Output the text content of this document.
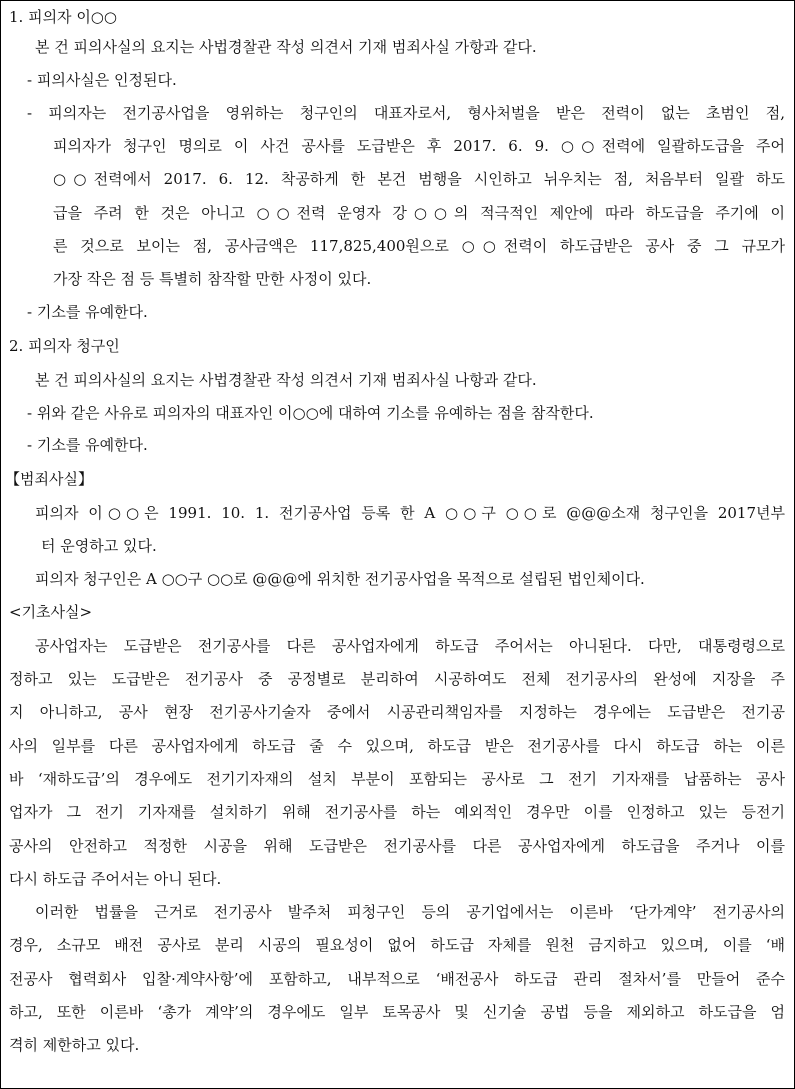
1. 피의자 이○○
본 건 피의사실의 요지는 사법경찰관 작성 의견서 기재 범죄사실 가항과 같다.
- 피의사실은 인정된다.
- 피의자는 전기공사업을 영위하는 청구인의 대표자로서, 형사처벌을 받은 전력이 없는 초범인 점,
피의자가 청구인 명의로 이 사건 공사를 도급받은 후 2017. 6. 9. ○○전력에 일괄하도급을 주어
○○전력에서 2017. 6. 12. 착공하게 한 본건 범행을 시인하고 뉘우치는 점, 처음부터 일괄 하도
급을 주려 한 것은 아니고 ○○전력 운영자 강○○의 적극적인 제안에 따라 하도급을 주기에 이
른 것으로 보이는 점, 공사금액은 117,825,400원으로 ○○전력이 하도급받은 공사 중 그 규모가
가장 작은 점 등 특별히 참작할 만한 사정이 있다.
- 기소를 유예한다.
2. 피의자 청구인
본 건 피의사실의 요지는 사법경찰관 작성 의견서 기재 범죄사실 나항과 같다.
- 위와 같은 사유로 피의자의 대표자인 이○○에 대하여 기소를 유예하는 점을 참작한다.
- 기소를 유예한다.
【범죄사실】
피의자 이○○은 1991. 10. 1. 전기공사업 등록 한 A ○○구 ○○로 @@@소재 청구인을 2017년부
터 운영하고 있다.
피의자 청구인은 A ○○구 ○○로 @@@에 위치한 전기공사업을 목적으로 설립된 법인체이다.
<기초사실>
공사업자는 도급받은 전기공사를 다른 공사업자에게 하도급 주어서는 아니된다. 다만, 대통령령으로
정하고 있는 도급받은 전기공사 중 공정별로 분리하여 시공하여도 전체 전기공사의 완성에 지장을 주
지 아니하고, 공사 현장 전기공사기술자 중에서 시공관리책임자를 지정하는 경우에는 도급받은 전기공
사의 일부를 다른 공사업자에게 하도급 줄 수 있으며, 하도급 받은 전기공사를 다시 하도급 하는 이른
바 ‘재하도급’의 경우에도 전기기자재의 설치 부분이 포함되는 공사로 그 전기 기자재를 납품하는 공사
업자가 그 전기 기자재를 설치하기 위해 전기공사를 하는 예외적인 경우만 이를 인정하고 있는 등전기
공사의 안전하고 적정한 시공을 위해 도급받은 전기공사를 다른 공사업자에게 하도급을 주거나 이를
다시 하도급 주어서는 아니 된다.
이러한 법률을 근거로 전기공사 발주처 피청구인 등의 공기업에서는 이른바 ‘단가계약’ 전기공사의
경우, 소규모 배전 공사로 분리 시공의 필요성이 없어 하도급 자체를 원천 금지하고 있으며, 이를 ‘배
전공사 협력회사 입찰·계약사항’에 포함하고, 내부적으로 ‘배전공사 하도급 관리 절차서’를 만들어 준수
하고, 또한 이른바 ‘총가 계약’의 경우에도 일부 토목공사 및 신기술 공법 등을 제외하고 하도급을 엄
격히 제한하고 있다.
